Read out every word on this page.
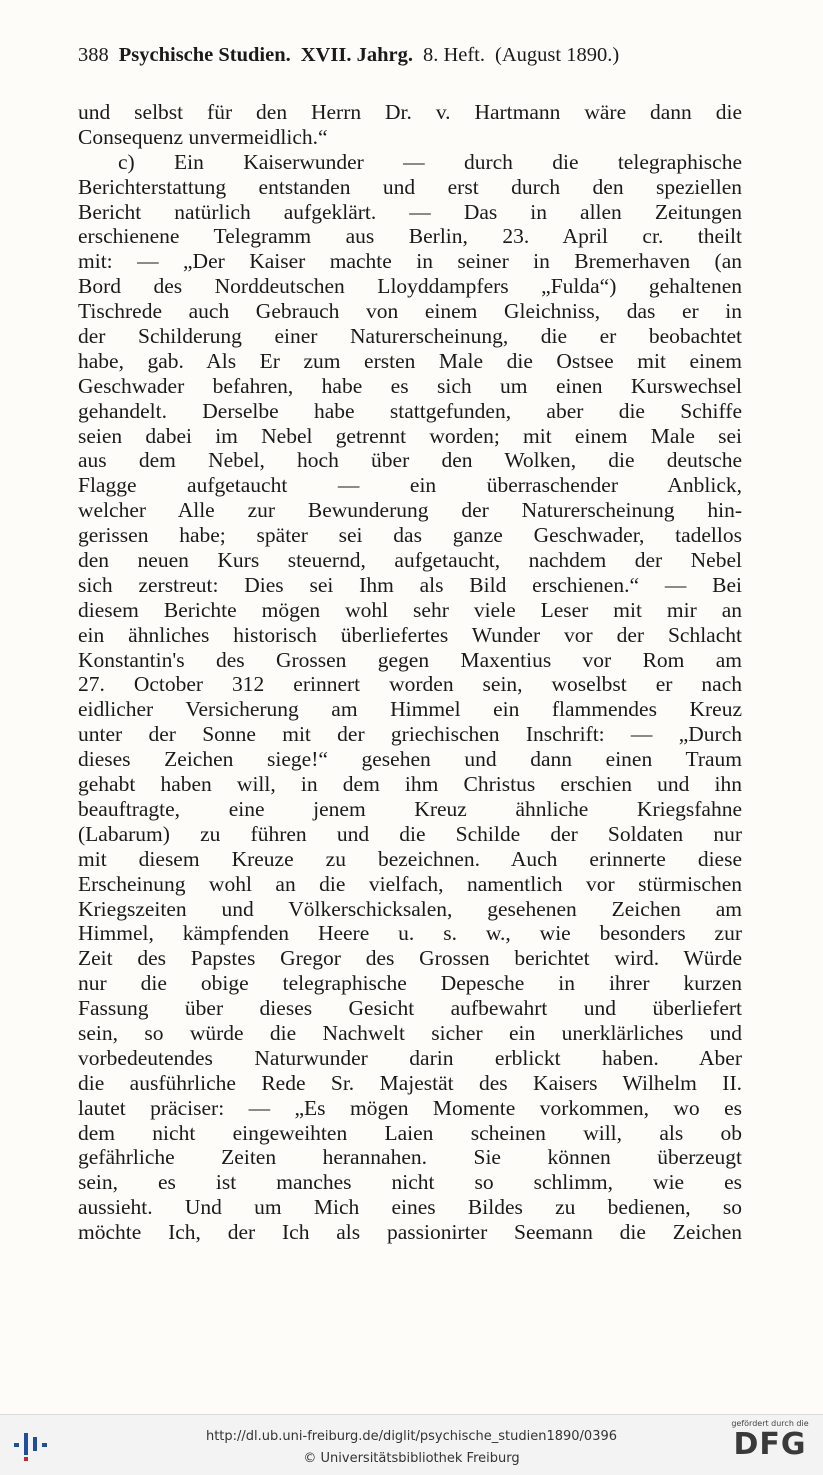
388 Psychische Studien. XVII. Jahrg. 8. Heft. (August 1890.)
und selbst für den Herrn Dr. v. Hartmann wäre dann die
Consequenz unvermeidlich.“
c) Ein Kaiserwunder — durch die telegraphische
Berichterstattung entstanden und erst durch den speziellen
Bericht natürlich aufgeklärt. — Das in allen Zeitungen
erschienene Telegramm aus Berlin, 23. April cr. theilt
mit: — „Der Kaiser machte in seiner in Bremerhaven (an
Bord des Norddeutschen Lloyddampfers „Fulda“) gehaltenen
Tischrede auch Gebrauch von einem Gleichniss, das er in
der Schilderung einer Naturerscheinung, die er beobachtet
habe, gab. Als Er zum ersten Male die Ostsee mit einem
Geschwader befahren, habe es sich um einen Kurswechsel
gehandelt. Derselbe habe stattgefunden, aber die Schiffe
seien dabei im Nebel getrennt worden; mit einem Male sei
aus dem Nebel, hoch über den Wolken, die deutsche
Flagge aufgetaucht — ein überraschender Anblick,
welcher Alle zur Bewunderung der Naturerscheinung hin-
gerissen habe; später sei das ganze Geschwader, tadellos
den neuen Kurs steuernd, aufgetaucht, nachdem der Nebel
sich zerstreut: Dies sei Ihm als Bild erschienen.“ — Bei
diesem Berichte mögen wohl sehr viele Leser mit mir an
ein ähnliches historisch überliefertes Wunder vor der Schlacht
Konstantin's des Grossen gegen Maxentius vor Rom am
27. October 312 erinnert worden sein, woselbst er nach
eidlicher Versicherung am Himmel ein flammendes Kreuz
unter der Sonne mit der griechischen Inschrift: — „Durch
dieses Zeichen siege!“ gesehen und dann einen Traum
gehabt haben will, in dem ihm Christus erschien und ihn
beauftragte, eine jenem Kreuz ähnliche Kriegsfahne
(Labarum) zu führen und die Schilde der Soldaten nur
mit diesem Kreuze zu bezeichnen. Auch erinnerte diese
Erscheinung wohl an die vielfach, namentlich vor stürmischen
Kriegszeiten und Völkerschicksalen, gesehenen Zeichen am
Himmel, kämpfenden Heere u. s. w., wie besonders zur
Zeit des Papstes Gregor des Grossen berichtet wird. Würde
nur die obige telegraphische Depesche in ihrer kurzen
Fassung über dieses Gesicht aufbewahrt und überliefert
sein, so würde die Nachwelt sicher ein unerklärliches und
vorbedeutendes Naturwunder darin erblickt haben. Aber
die ausführliche Rede Sr. Majestät des Kaisers Wilhelm II.
lautet präciser: — „Es mögen Momente vorkommen, wo es
dem nicht eingeweihten Laien scheinen will, als ob
gefährliche Zeiten herannahen. Sie können überzeugt
sein, es ist manches nicht so schlimm, wie es
aussieht. Und um Mich eines Bildes zu bedienen, so
möchte Ich, der Ich als passionirter Seemann die Zeichen
http://dl.ub.uni-freiburg.de/diglit/psychische_studien1890/0396
© Universitätsbibliothek Freiburg
gefördert durch die
DFG
